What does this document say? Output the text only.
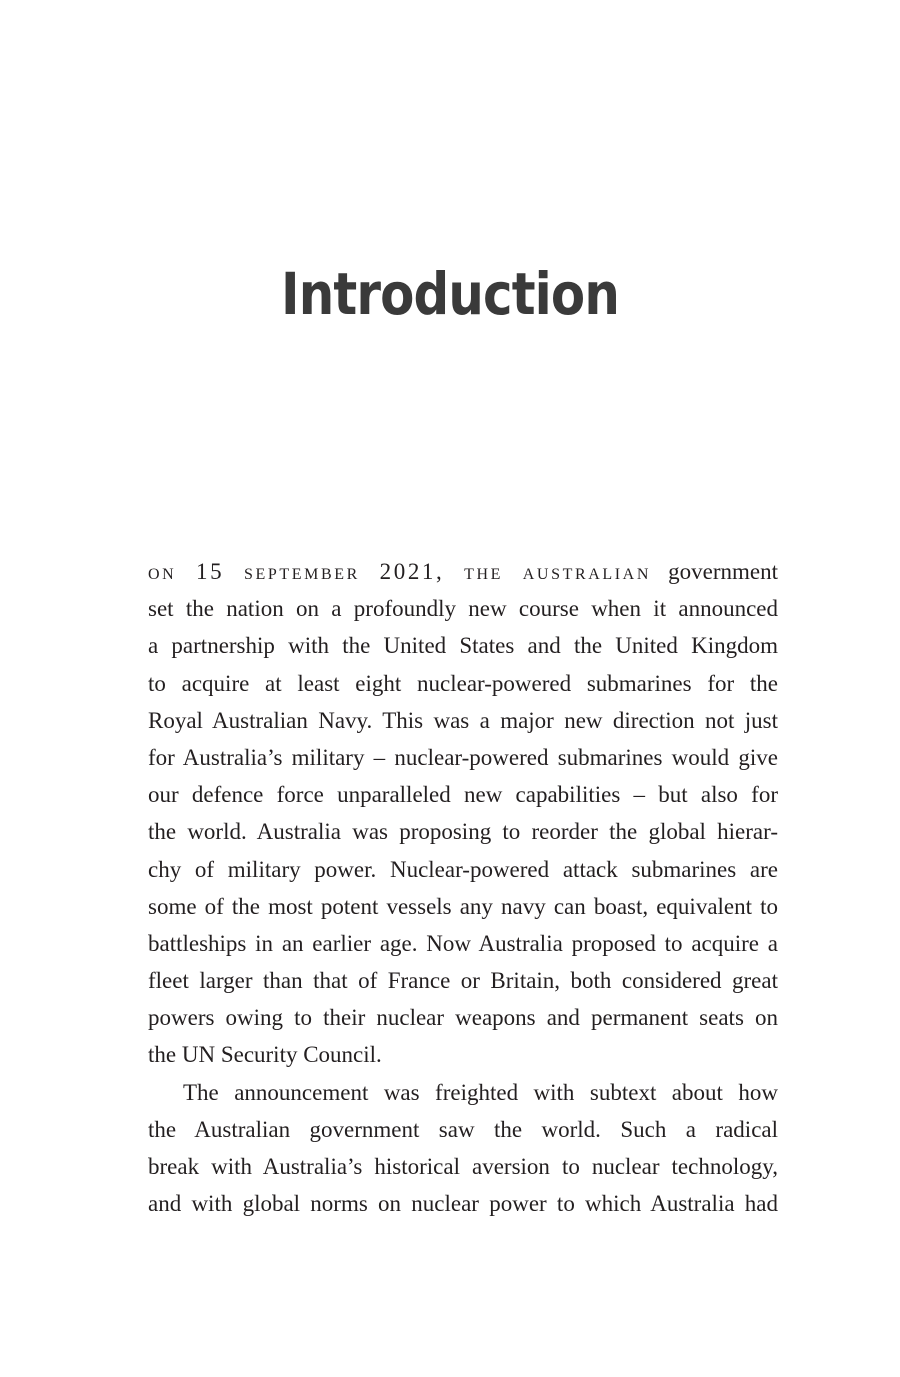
Introduction
on 15 september 2021, the australian government
set the nation on a profoundly new course when it announced
a partnership with the United States and the United Kingdom
to acquire at least eight nuclear-powered submarines for the
Royal Australian Navy. This was a major new direction not just
for Australia’s military – nuclear-powered submarines would give
our defence force unparalleled new capabilities – but also for
the world. Australia was proposing to reorder the global hierar-
chy of military power. Nuclear-powered attack submarines are
some of the most potent vessels any navy can boast, equivalent to
battleships in an earlier age. Now Australia proposed to acquire a
fleet larger than that of France or Britain, both considered great
powers owing to their nuclear weapons and permanent seats on
the UN Security Council.
The announcement was freighted with subtext about how
the Australian government saw the world. Such a radical
break with Australia’s historical aversion to nuclear technology,
and with global norms on nuclear power to which Australia had
